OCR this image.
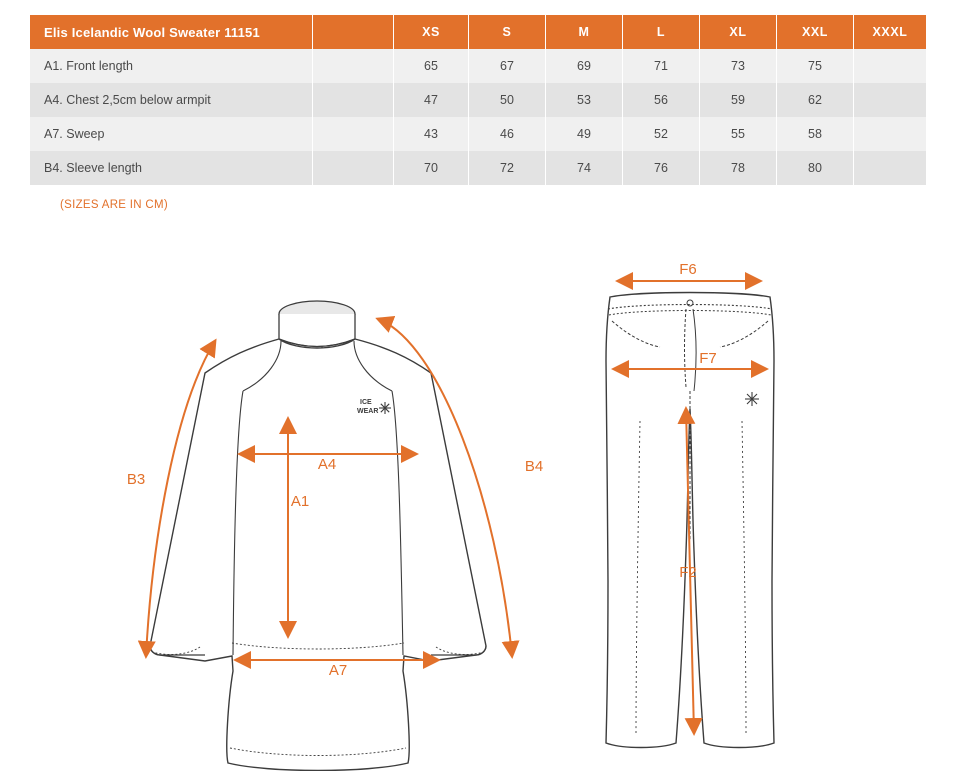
Elis Icelandic Wool Sweater 11151		XS	S	M	L	XL	XXL	XXXL
A1. Front length		65	67	69	71	73	75	
A4. Chest 2,5cm below armpit		47	50	53	56	59	62	
A7. Sweep		43	46	49	52	55	58	
B4. Sleeve length		70	72	74	76	78	80	
(SIZES ARE IN CM)
ICE
WEAR
A4
A1
A7
B3
B4
F6
F7
F2
